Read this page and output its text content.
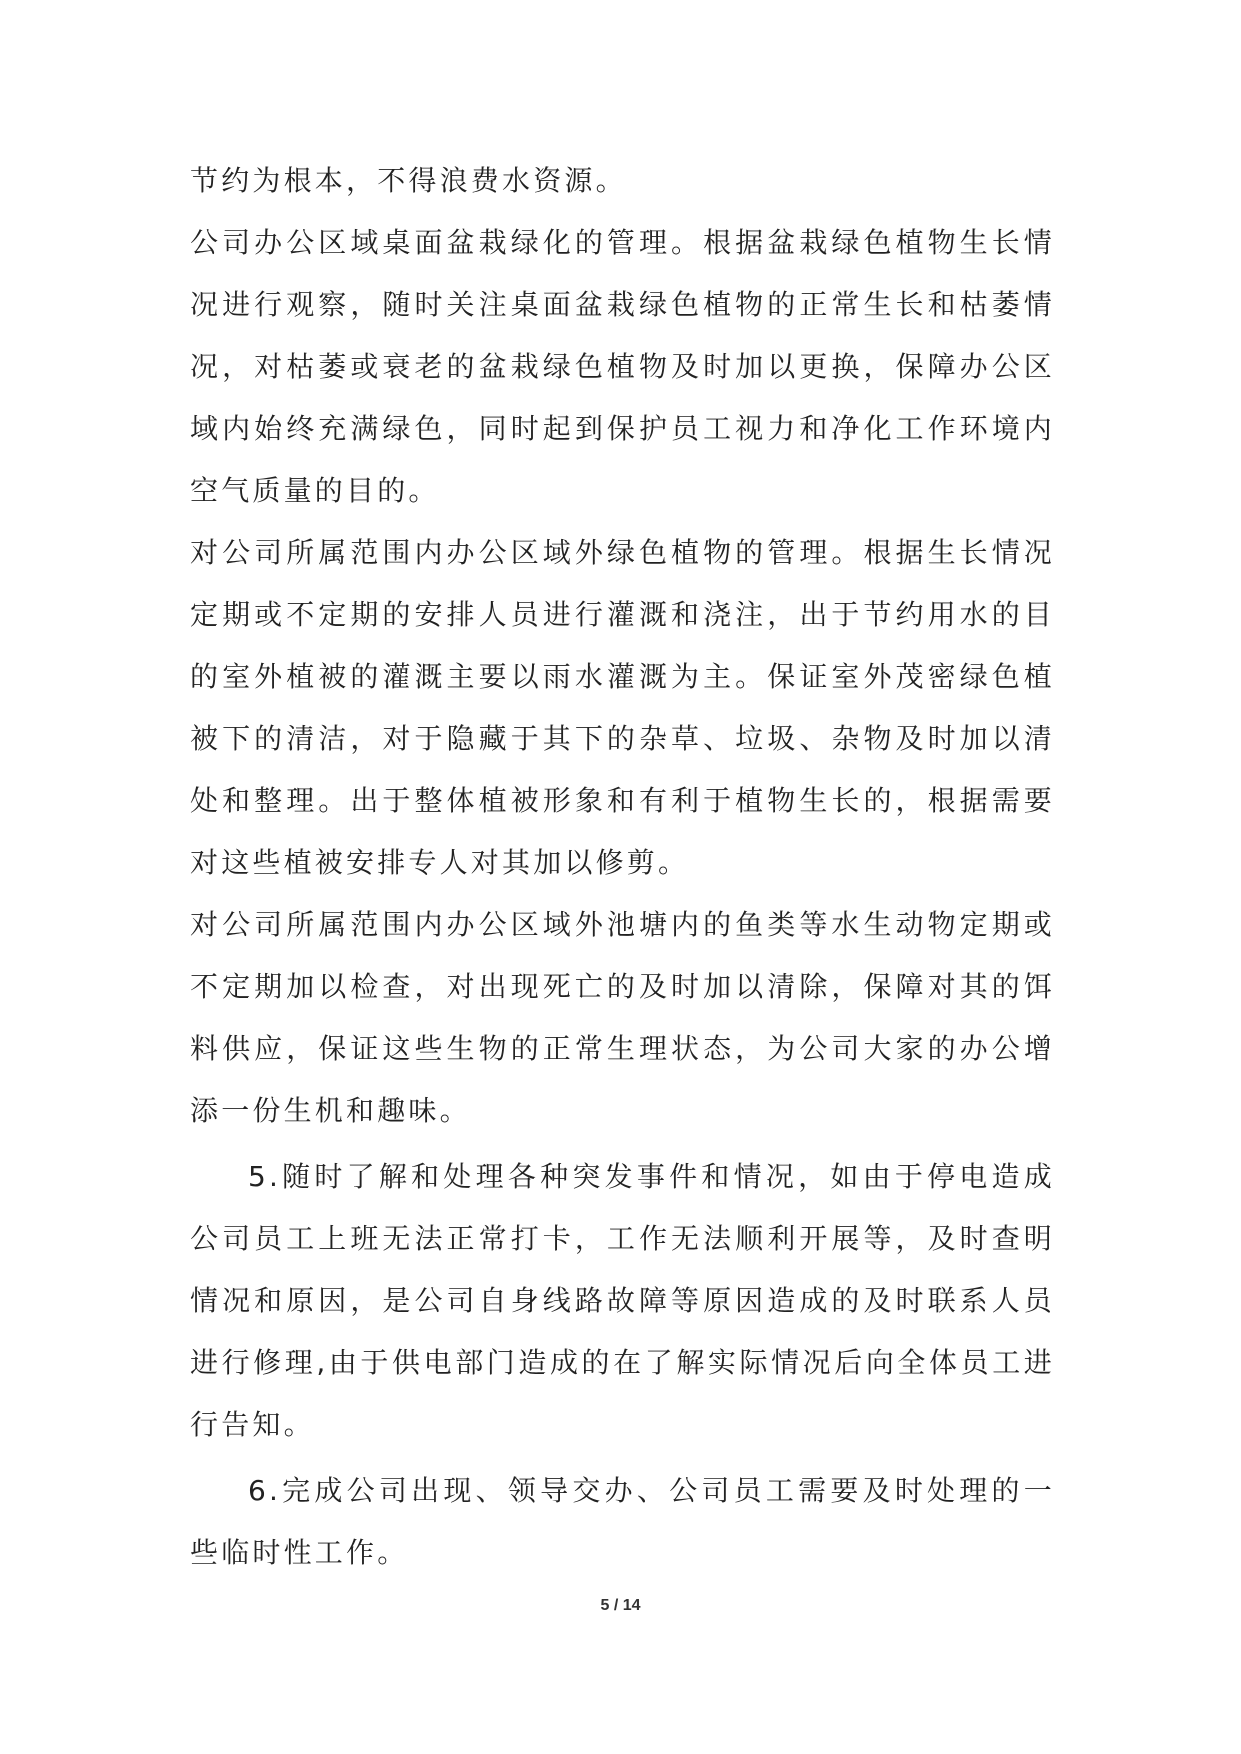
节约为根本，不得浪费水资源。

公司办公区域桌面盆栽绿化的管理。根据盆栽绿色植物生长情况进行观察，随时关注桌面盆栽绿色植物的正常生长和枯萎情况，对枯萎或衰老的盆栽绿色植物及时加以更换，保障办公区域内始终充满绿色，同时起到保护员工视力和净化工作环境内空气质量的目的。

对公司所属范围内办公区域外绿色植物的管理。根据生长情况定期或不定期的安排人员进行灌溉和浇注，出于节约用水的目的室外植被的灌溉主要以雨水灌溉为主。保证室外茂密绿色植被下的清洁，对于隐藏于其下的杂草、垃圾、杂物及时加以清处和整理。出于整体植被形象和有利于植物生长的，根据需要对这些植被安排专人对其加以修剪。

对公司所属范围内办公区域外池塘内的鱼类等水生动物定期或不定期加以检查，对出现死亡的及时加以清除，保障对其的饵料供应，保证这些生物的正常生理状态，为公司大家的办公增添一份生机和趣味。

5.随时了解和处理各种突发事件和情况，如由于停电造成公司员工上班无法正常打卡，工作无法顺利开展等，及时查明情况和原因，是公司自身线路故障等原因造成的及时联系人员进行修理,由于供电部门造成的在了解实际情况后向全体员工进行告知。

6.完成公司出现、领导交办、公司员工需要及时处理的一些临时性工作。

5 / 14
